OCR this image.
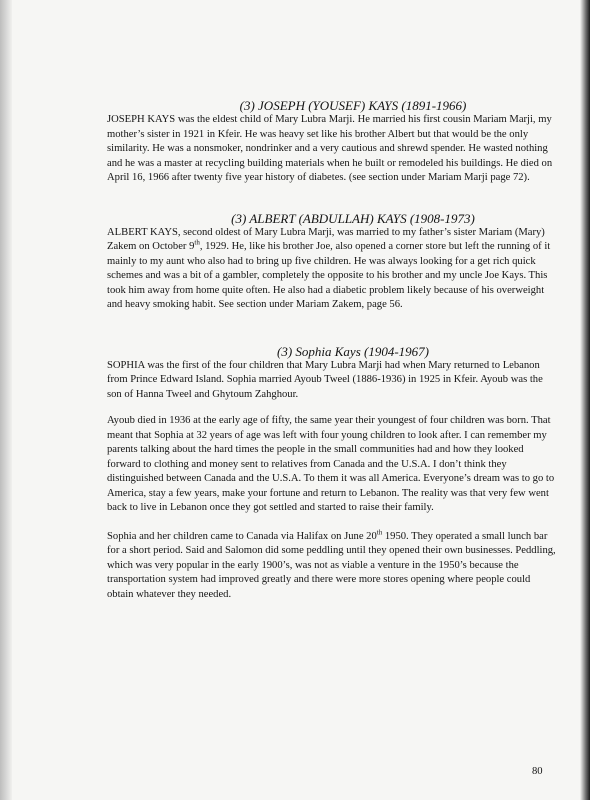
(3) JOSEPH (YOUSEF) KAYS (1891-1966)

JOSEPH KAYS was the eldest child of Mary Lubra Marji. He married his first cousin Mariam Marji, my mother’s sister in 1921 in Kfeir. He was heavy set like his brother Albert but that would be the only similarity. He was a nonsmoker, nondrinker and a very cautious and shrewd spender. He wasted nothing and he was a master at recycling building materials when he built or remodeled his buildings. He died on April 16, 1966 after twenty five year history of diabetes. (see section under Mariam Marji page 72).

(3) ALBERT (ABDULLAH) KAYS (1908-1973)

ALBERT KAYS, second oldest of Mary Lubra Marji, was married to my father’s sister Mariam (Mary) Zakem on October 9th, 1929. He, like his brother Joe, also opened a corner store but left the running of it mainly to my aunt who also had to bring up five children. He was always looking for a get rich quick schemes and was a bit of a gambler, completely the opposite to his brother and my uncle Joe Kays. This took him away from home quite often. He also had a diabetic problem likely because of his overweight and heavy smoking habit. See section under Mariam Zakem, page 56.

(3) Sophia Kays (1904-1967)

SOPHIA was the first of the four children that Mary Lubra Marji had when Mary returned to Lebanon from Prince Edward Island. Sophia married Ayoub Tweel (1886-1936) in 1925 in Kfeir. Ayoub was the son of Hanna Tweel and Ghytoum Zahghour.

Ayoub died in 1936 at the early age of fifty, the same year their youngest of four children was born. That meant that Sophia at 32 years of age was left with four young children to look after. I can remember my parents talking about the hard times the people in the small communities had and how they looked forward to clothing and money sent to relatives from Canada and the U.S.A. I don’t think they distinguished between Canada and the U.S.A. To them it was all America. Everyone’s dream was to go to America, stay a few years, make your fortune and return to Lebanon. The reality was that very few went back to live in Lebanon once they got settled and started to raise their family.

Sophia and her children came to Canada via Halifax on June 20th 1950. They operated a small lunch bar for a short period. Said and Salomon did some peddling until they opened their own businesses. Peddling, which was very popular in the early 1900’s, was not as viable a venture in the 1950’s because the transportation system had improved greatly and there were more stores opening where people could obtain whatever they needed.

80
